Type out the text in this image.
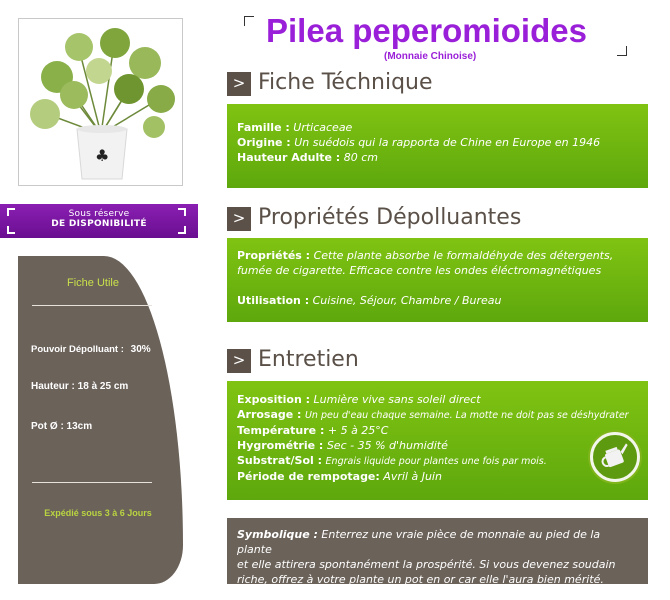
♣
Sous réserve
DE DISPONIBILITÉ
Fiche Utile
Pouvoir Dépolluant : 30%
Hauteur : 18 à 25 cm
Pot Ø : 13cm
Expédié sous 3 à 6 Jours
Pilea peperomioides
(Monnaie Chinoise)
> Fiche Téchnique
Famille : Urticaceae
Origine : Un suédois qui la rapporta de Chine en Europe en 1946
Hauteur Adulte : 80 cm
> Propriétés Dépolluantes
Propriétés : Cette plante absorbe le formaldéhyde des détergents,
fumée de cigarette. Efficace contre les ondes éléctromagnétiques
Utilisation : Cuisine, Séjour, Chambre / Bureau
> Entretien
Exposition : Lumière vive sans soleil direct
Arrosage : Un peu d'eau chaque semaine. La motte ne doit pas se déshydrater
Température : + 5 à 25°C
Hygrométrie : Sec - 35 % d'humidité
Substrat/Sol : Engrais liquide pour plantes une fois par mois.
Période de rempotage: Avril à Juin
Symbolique : Enterrez une vraie pièce de monnaie au pied de la plante
et elle attirera spontanément la prospérité. Si vous devenez soudain
riche, offrez à votre plante un pot en or car elle l'aura bien mérité.
